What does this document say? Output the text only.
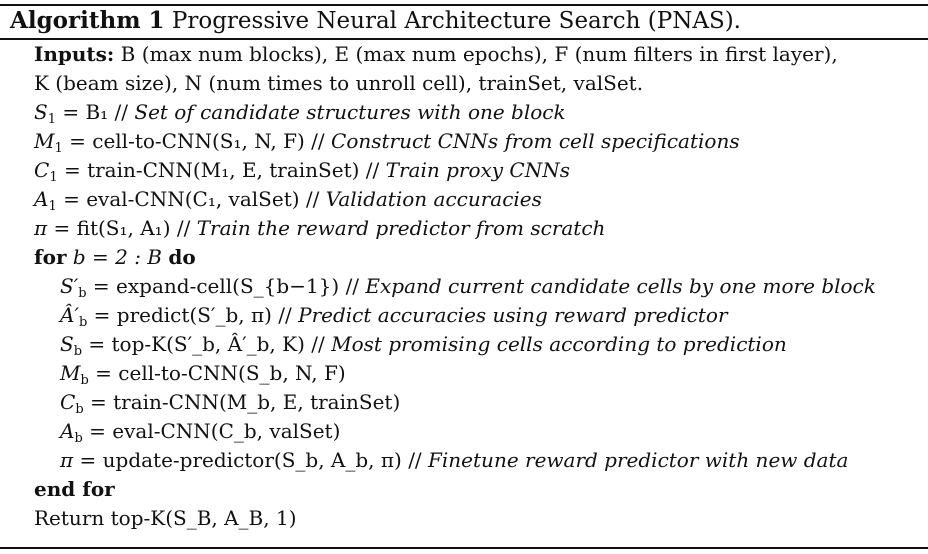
Algorithm 1 Progressive Neural Architecture Search (PNAS).
Inputs: B (max num blocks), E (max num epochs), F (num filters in first layer),
K (beam size), N (num times to unroll cell), trainSet, valSet.
$S_1 = B_1$ // Set of candidate structures with one block
$M_1$ = cell-to-CNN(S₁, N, F) // Construct CNNs from cell specifications
$C_1$ = train-CNN(M₁, E, trainSet) // Train proxy CNNs
$A_1$ = eval-CNN(C₁, valSet) // Validation accuracies
π = fit(S₁, A₁) // Train the reward predictor from scratch
for b = 2 : B do
$S'_b$ = expand-cell(S_{b−1}) // Expand current candidate cells by one more block
$Â'_b$ = predict(S′_b, π) // Predict accuracies using reward predictor
$S_b$ = top-K(S′_b, Â′_b, K) // Most promising cells according to prediction
$M_b$ = cell-to-CNN(S_b, N, F)
$C_b$ = train-CNN(M_b, E, trainSet)
$A_b$ = eval-CNN(C_b, valSet)
π = update-predictor(S_b, A_b, π) // Finetune reward predictor with new data
end for
Return top-K(S_B, A_B, 1)
